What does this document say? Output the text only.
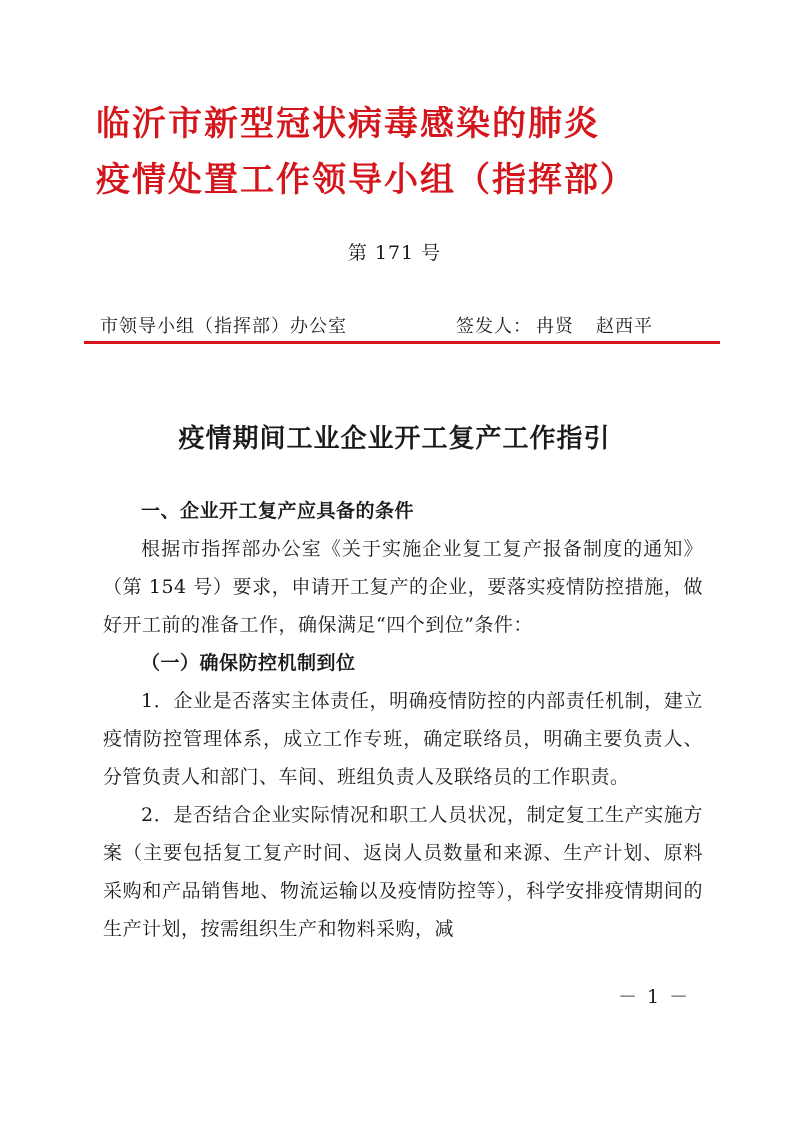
临沂市新型冠状病毒感染的肺炎
疫情处置工作领导小组（指挥部）
第 171 号
市领导小组（指挥部）办公室	签发人： 冉贤 赵西平
疫情期间工业企业开工复产工作指引

一、企业开工复产应具备的条件

根据市指挥部办公室《关于实施企业复工复产报备制度的通知》（第 154 号）要求，申请开工复产的企业，要落实疫情防控措施，做好开工前的准备工作，确保满足“四个到位”条件：

（一）确保防控机制到位

1．企业是否落实主体责任，明确疫情防控的内部责任机制，建立疫情防控管理体系，成立工作专班，确定联络员，明确主要负责人、分管负责人和部门、车间、班组负责人及联络员的工作职责。

2．是否结合企业实际情况和职工人员状况，制定复工生产实施方案（主要包括复工复产时间、返岗人员数量和来源、生产计划、原料采购和产品销售地、物流运输以及疫情防控等），科学安排疫情期间的生产计划，按需组织生产和物料采购，减

－ 1 －
